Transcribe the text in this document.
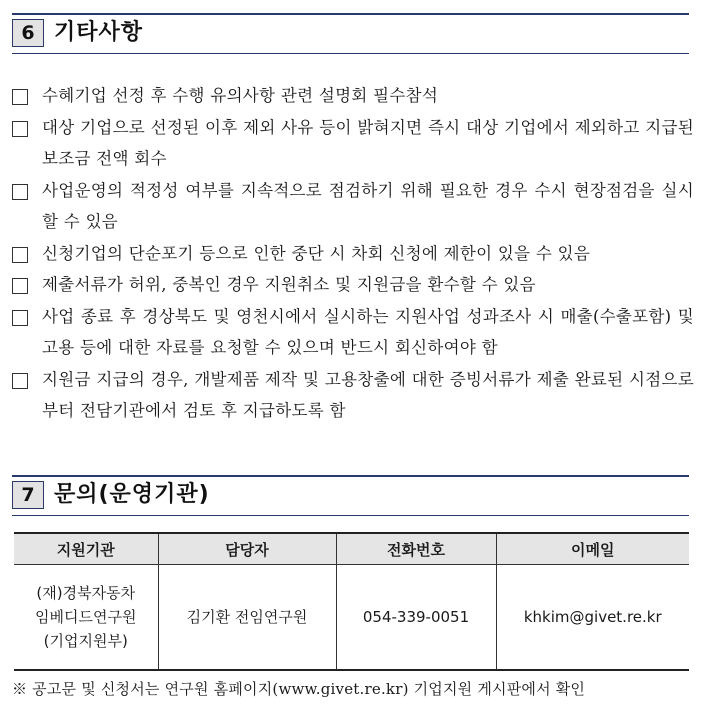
6 기타사항
수혜기업 선정 후 수행 유의사항 관련 설명회 필수참석
대상 기업으로 선정된 이후 제외 사유 등이 밝혀지면 즉시 대상 기업에서 제외하고 지급된 보조금 전액 회수
사업운영의 적정성 여부를 지속적으로 점검하기 위해 필요한 경우 수시 현장점검을 실시할 수 있음
신청기업의 단순포기 등으로 인한 중단 시 차회 신청에 제한이 있을 수 있음
제출서류가 허위, 중복인 경우 지원취소 및 지원금을 환수할 수 있음
사업 종료 후 경상북도 및 영천시에서 실시하는 지원사업 성과조사 시 매출(수출포함) 및 고용 등에 대한 자료를 요청할 수 있으며 반드시 회신하여야 함
지원금 지급의 경우, 개발제품 제작 및 고용창출에 대한 증빙서류가 제출 완료된 시점으로부터 전담기관에서 검토 후 지급하도록 함
7 문의(운영기관)
지원기관	담당자	전화번호	이메일

(재)경북자동차
임베디드연구원
(기업지원부)	김기환 전임연구원	054-339-0051	khkim@givet.re.kr
※ 공고문 및 신청서는 연구원 홈페이지(www.givet.re.kr) 기업지원 게시판에서 확인
